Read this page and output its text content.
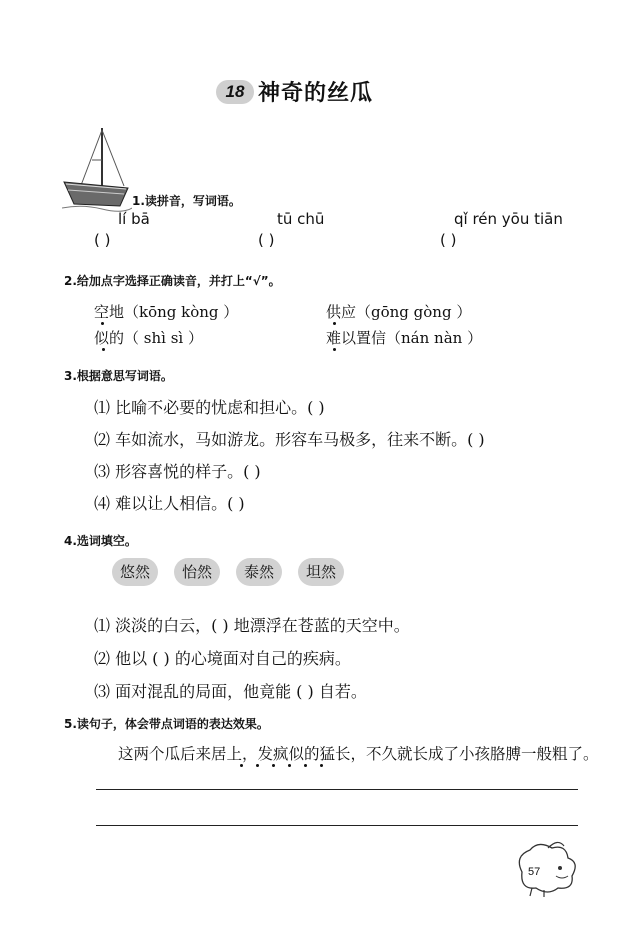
18 神奇的丝瓜
1.读拼音，写词语。
lí bā
( )
tū chū
( )
qǐ rén yōu tiān
( )
2.给加点字选择正确读音，并打上“√”。
空地（kōng kòng ）	供应（gōng gòng ）
似的（ shì sì ）	难以置信（nán nàn ）
3.根据意思写词语。
⑴ 比喻不必要的忧虑和担心。( )
⑵ 车如流水，马如游龙。形容车马极多，往来不断。( )
⑶ 形容喜悦的样子。( )
⑷ 难以让人相信。( )
4.选词填空。
悠然	怡然	泰然	坦然
⑴ 淡淡的白云，( ) 地漂浮在苍蓝的天空中。
⑵ 他以 ( ) 的心境面对自己的疾病。
⑶ 面对混乱的局面，他竟能 ( ) 自若。
5.读句子，体会带点词语的表达效果。
这两个瓜后来居上，发疯似的猛长，不久就长成了小孩胳膊一般粗了。
57
